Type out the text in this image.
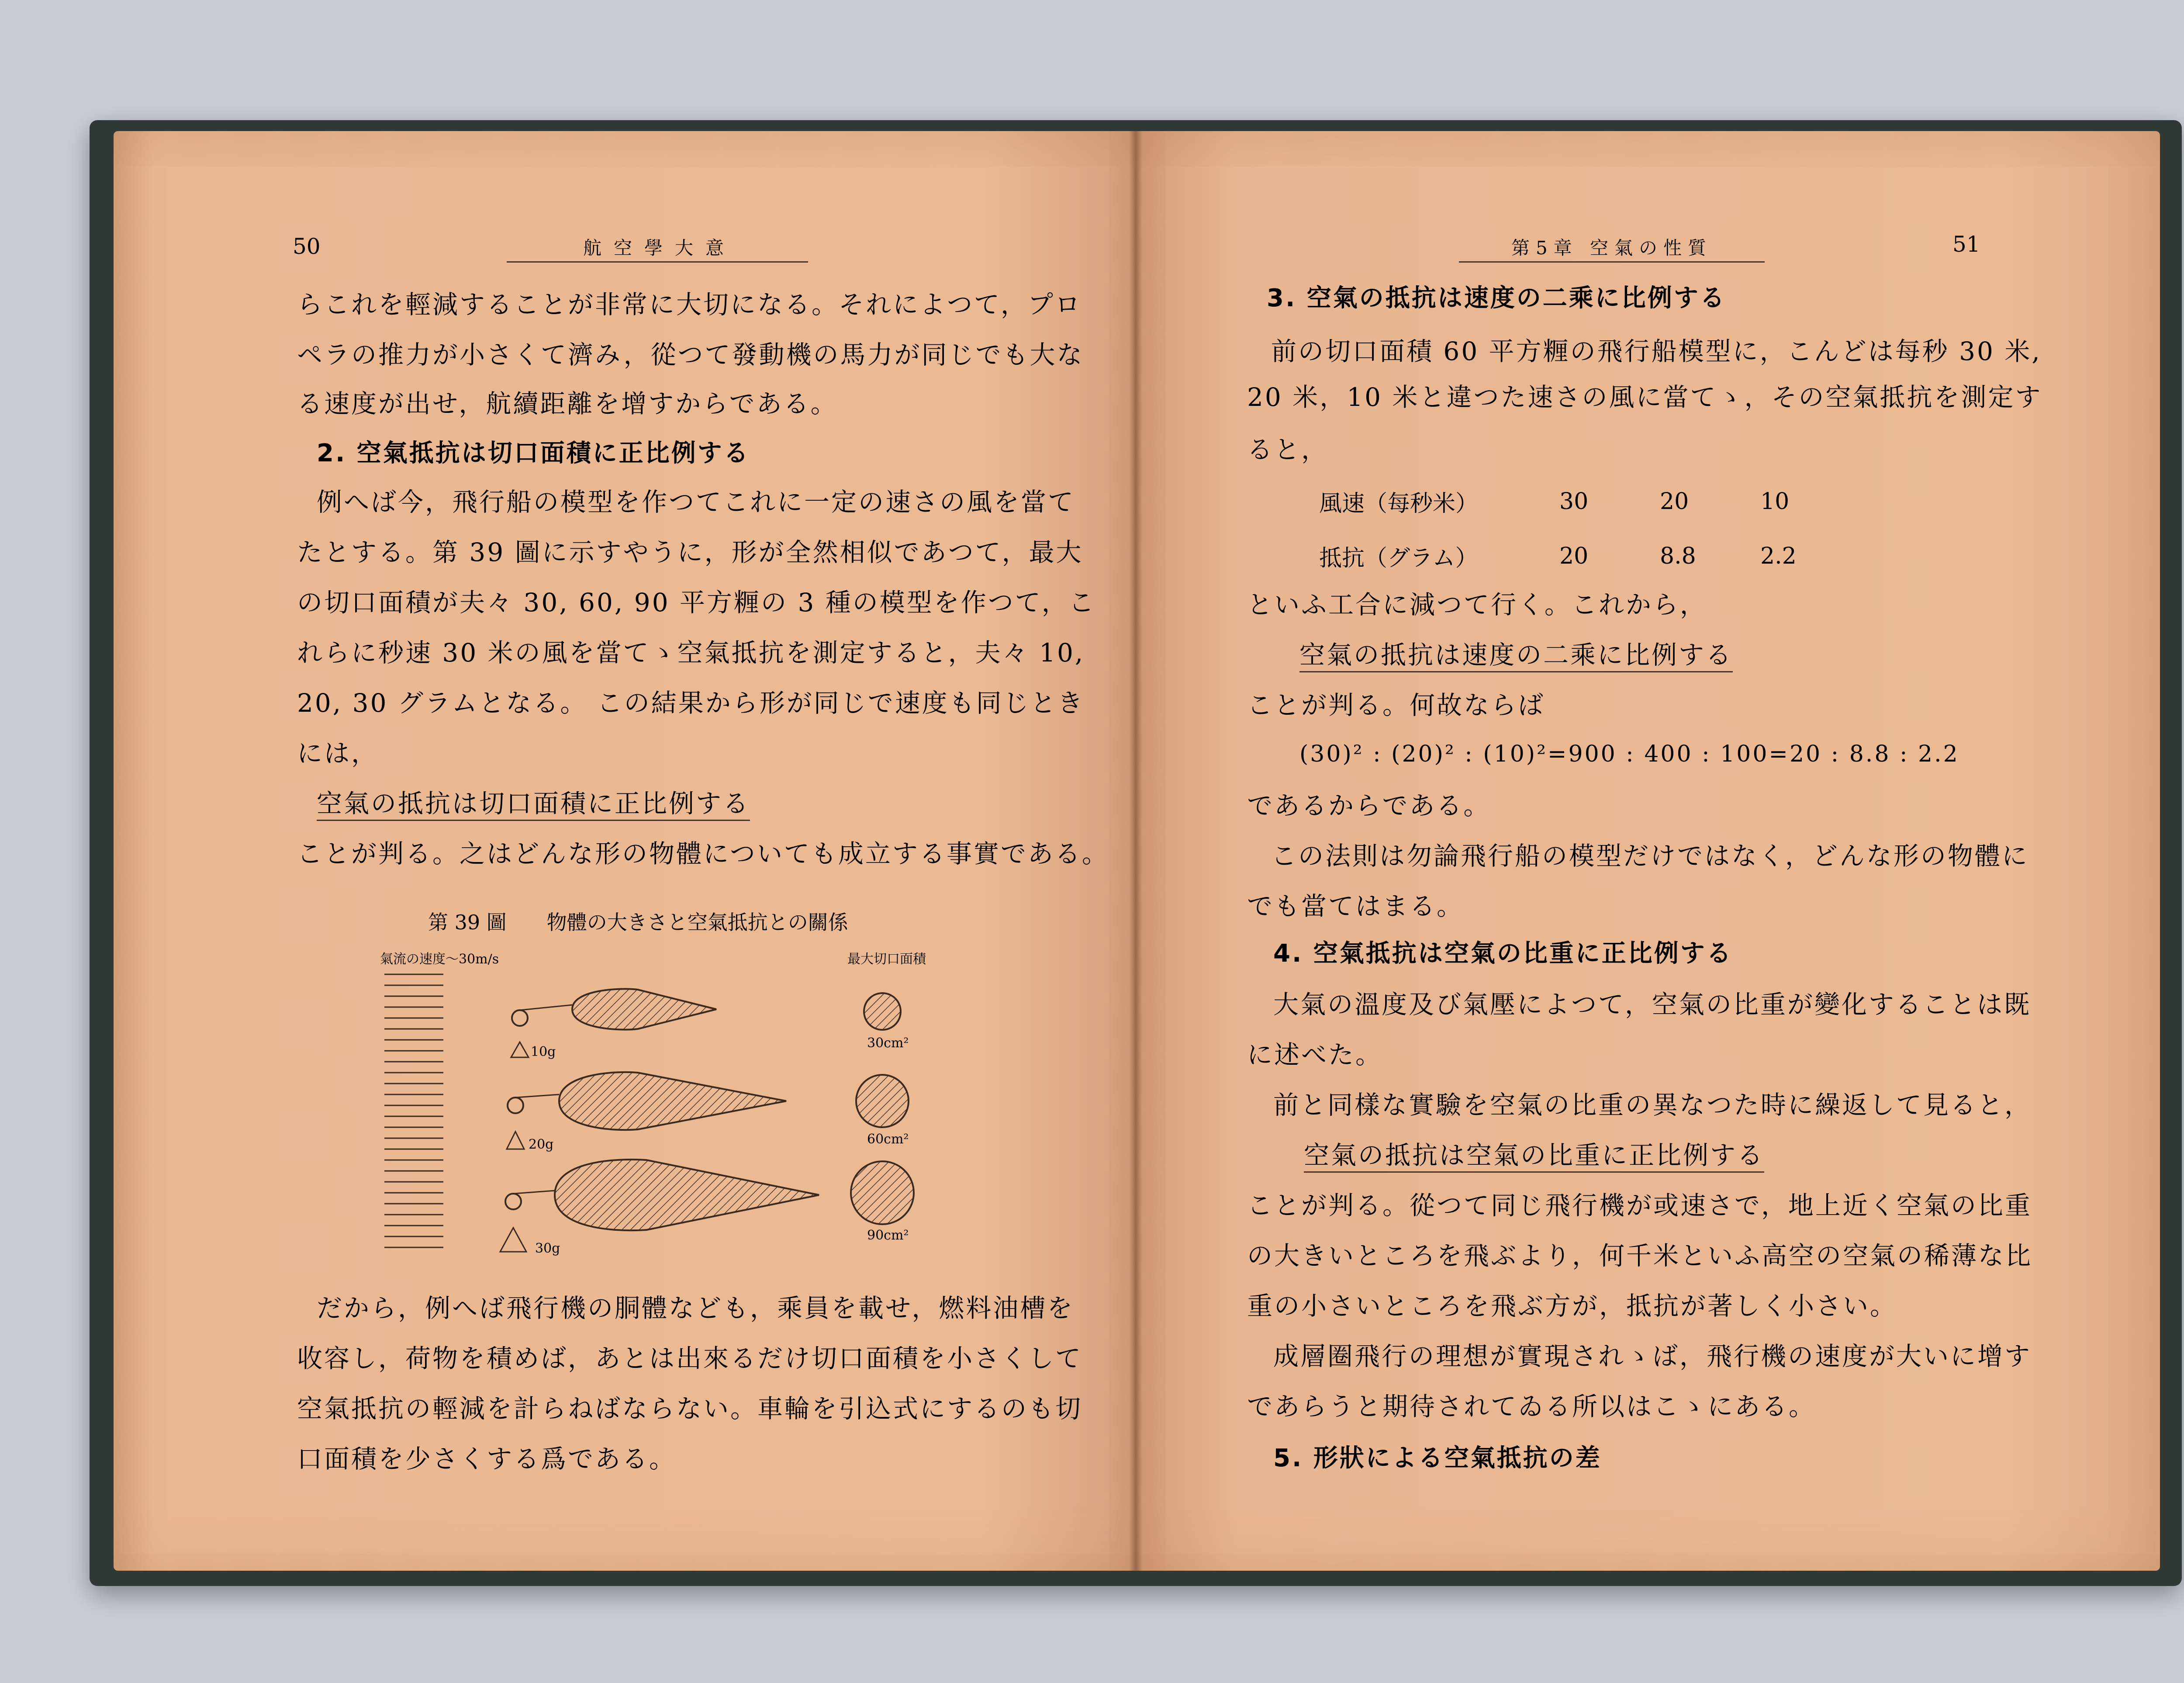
50	航空學大意
らこれを輕減することが非常に大切になる。それによつて，プロ
ペラの推力が小さくて濟み，從つて發動機の馬力が同じでも大な
る速度が出せ，航續距離を增すからである。
2. 空氣抵抗は切口面積に正比例する
例へば今，飛行船の模型を作つてこれに一定の速さの風を當て
たとする。第 39 圖に示すやうに，形が全然相似であつて，最大
の切口面積が夫々 30, 60, 90 平方糎の 3 種の模型を作つて，こ
れらに秒速 30 米の風を當てゝ空氣抵抗を測定すると，夫々 10,
20, 30 グラムとなる。 この結果から形が同じで速度も同じとき
には，
空氣の抵抗は切口面積に正比例する
ことが判る。之はどんな形の物體についても成立する事實である。
第 39 圖　　物體の大きさと空氣抵抗との關係
氣流の速度～30m/s	最大切口面積
10g
20g
30g
30cm²
60cm²
90cm²
だから，例へば飛行機の胴體なども，乘員を載せ，燃料油槽を
收容し，荷物を積めば，あとは出來るだけ切口面積を小さくして
空氣抵抗の輕減を計らねばならない。車輪を引込式にするのも切
口面積を少さくする爲である。
第5章 空氣の性質	51
3. 空氣の抵抗は速度の二乘に比例する
前の切口面積 60 平方糎の飛行船模型に，こんどは每秒 30 米,
20 米，10 米と違つた速さの風に當てゝ，その空氣抵抗を測定す
ると，
風速（每秒米）	30	20	10
抵抗（グラム）	20	8.8	2.2
といふ工合に減つて行く。これから，
空氣の抵抗は速度の二乘に比例する
ことが判る。何故ならば
(30)² : (20)² : (10)²=900 : 400 : 100=20 : 8.8 : 2.2
であるからである。
この法則は勿論飛行船の模型だけではなく，どんな形の物體に
でも當てはまる。
4. 空氣抵抗は空氣の比重に正比例する
大氣の溫度及び氣壓によつて，空氣の比重が變化することは既
に述べた。
前と同樣な實驗を空氣の比重の異なつた時に繰返して見ると，
空氣の抵抗は空氣の比重に正比例する
ことが判る。從つて同じ飛行機が或速さで，地上近く空氣の比重
の大きいところを飛ぶより，何千米といふ高空の空氣の稀薄な比
重の小さいところを飛ぶ方が，抵抗が著しく小さい。
成層圈飛行の理想が實現されゝば，飛行機の速度が大いに增す
であらうと期待されてゐる所以はこゝにある。
5. 形狀による空氣抵抗の差
